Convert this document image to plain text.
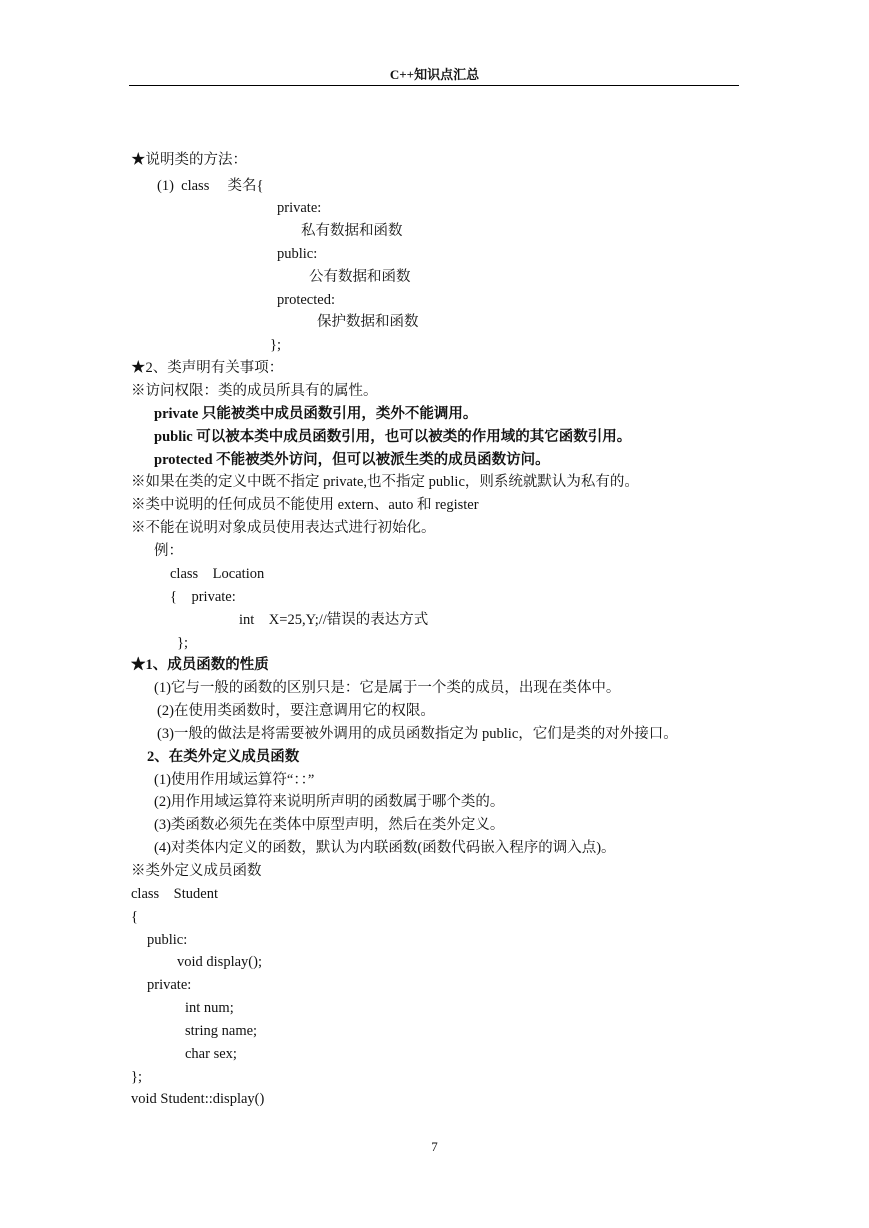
C++知识点汇总
★说明类的方法：
(1)  class     类名{
private:
私有数据和函数
public:
公有数据和函数
protected:
保护数据和函数
};
★2、类声明有关事项：
※访问权限：类的成员所具有的属性。
private 只能被类中成员函数引用，类外不能调用。
public 可以被本类中成员函数引用，也可以被类的作用域的其它函数引用。
protected 不能被类外访问，但可以被派生类的成员函数访问。
※如果在类的定义中既不指定 private,也不指定 public，则系统就默认为私有的。
※类中说明的任何成员不能使用 extern、auto 和 register
※不能在说明对象成员使用表达式进行初始化。
例：
class    Location
{    private:
int    X=25,Y;//错误的表达方式
};
★1、成员函数的性质
(1)它与一般的函数的区别只是：它是属于一个类的成员，出现在类体中。
(2)在使用类函数时，要注意调用它的权限。
(3)一般的做法是将需要被外调用的成员函数指定为 public，它们是类的对外接口。
2、在类外定义成员函数
(1)使用作用域运算符“：：”
(2)用作用域运算符来说明所声明的函数属于哪个类的。
(3)类函数必须先在类体中原型声明，然后在类外定义。
(4)对类体内定义的函数，默认为内联函数(函数代码嵌入程序的调入点)。
※类外定义成员函数
class    Student
{
public:
void display();
private:
int num;
string name;
char sex;
};
void Student::display()
7
